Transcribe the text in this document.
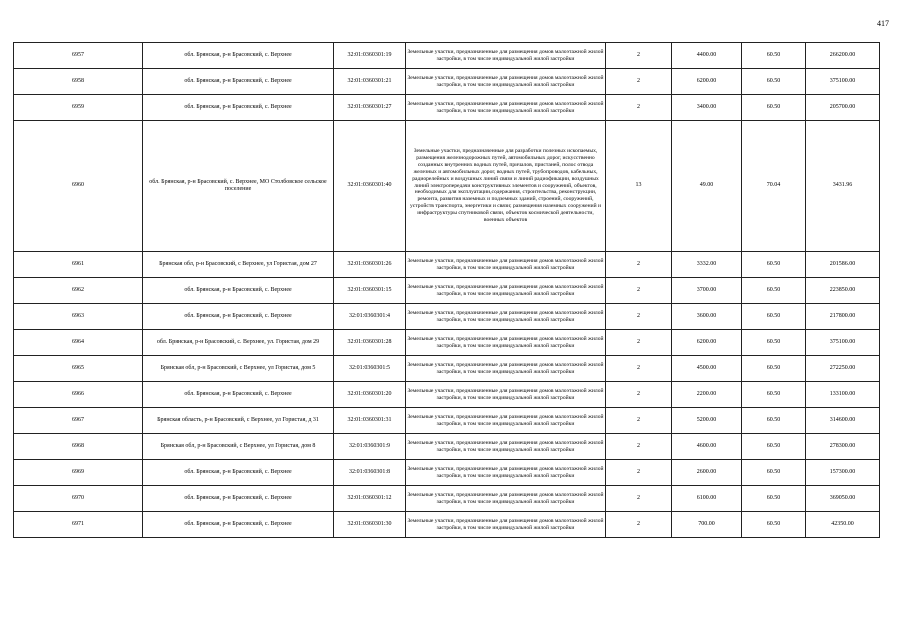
417
6957	обл. Брянская, р-н Брасовский, с. Верхнее	32:01:0360301:19	Земельные участки, предназначенные для размещения домов малоэтажной жилой застройки, в том числе индивидуальной жилой застройки	2	4400.00	60.50	266200.00
6958	обл. Брянская, р-н Брасовский, с. Верхнее	32:01:0360301:21	Земельные участки, предназначенные для размещения домов малоэтажной жилой застройки, в том числе индивидуальной жилой застройки	2	6200.00	60.50	375100.00
6959	обл. Брянская, р-н Брасовский, с. Верхнее	32:01:0360301:27	Земельные участки, предназначенные для размещения домов малоэтажной жилой застройки, в том числе индивидуальной жилой застройки	2	3400.00	60.50	205700.00
6960	обл. Брянская, р-н Брасовский, с. Верхнее, МО Столбовское сельское поселение	32:01:0360301:40	Земельные участки, предназначенные для разработки полезных ископаемых, размещения железнодорожных путей, автомобильных дорог, искусственно созданных внутренних водных путей, причалов, пристаней, полос отвода железных и автомобильных дорог, водных путей, трубопроводов, кабельных, радиорелейных и воздушных линий связи и линий радиофикации, воздушных линий электропередачи конструктивных элементов и сооружений, объектов, необходимых для эксплуатации,содержания, строительства, реконструкции, ремонта, развития наземных и подземных зданий, строений, сооружений, устройств транспорта, энергетики и связи; размещения наземных сооружений и инфраструктуры спутниковой связи, объектов космической деятельности, военных объектов	13	49.00	70.04	3431.96
6961	Брянская обл, р-н Брасовский, с Верхнее, ул Гористая, дом 27	32:01:0360301:26	Земельные участки, предназначенные для размещения домов малоэтажной жилой застройки, в том числе индивидуальной жилой застройки	2	3332.00	60.50	201586.00
6962	обл. Брянская, р-н Брасовский, с. Верхнее	32:01:0360301:15	Земельные участки, предназначенные для размещения домов малоэтажной жилой застройки, в том числе индивидуальной жилой застройки	2	3700.00	60.50	223850.00
6963	обл. Брянская, р-н Брасовский, с. Верхнее	32:01:0360301:4	Земельные участки, предназначенные для размещения домов малоэтажной жилой застройки, в том числе индивидуальной жилой застройки	2	3600.00	60.50	217800.00
6964	обл. Брянская, р-н Брасовский, с. Верхнее, ул. Гористая, дом 29	32:01:0360301:28	Земельные участки, предназначенные для размещения домов малоэтажной жилой застройки, в том числе индивидуальной жилой застройки	2	6200.00	60.50	375100.00
6965	Брянская обл, р-н Брасовский, с Верхнее, ул Гористая, дом 5	32:01:0360301:5	Земельные участки, предназначенные для размещения домов малоэтажной жилой застройки, в том числе индивидуальной жилой застройки	2	4500.00	60.50	272250.00
6966	обл. Брянская, р-н Брасовский, с. Верхнее	32:01:0360301:20	Земельные участки, предназначенные для размещения домов малоэтажной жилой застройки, в том числе индивидуальной жилой застройки	2	2200.00	60.50	133100.00
6967	Брянская область, р-н Брасовский, с Верхнее, ул Гористая, д 31	32:01:0360301:31	Земельные участки, предназначенные для размещения домов малоэтажной жилой застройки, в том числе индивидуальной жилой застройки	2	5200.00	60.50	314600.00
6968	Брянская обл, р-н Брасовский, с Верхнее, ул Гористая, дом 8	32:01:0360301:9	Земельные участки, предназначенные для размещения домов малоэтажной жилой застройки, в том числе индивидуальной жилой застройки	2	4600.00	60.50	278300.00
6969	обл. Брянская, р-н Брасовский, с. Верхнее	32:01:0360301:8	Земельные участки, предназначенные для размещения домов малоэтажной жилой застройки, в том числе индивидуальной жилой застройки	2	2600.00	60.50	157300.00
6970	обл. Брянская, р-н Брасовский, с. Верхнее	32:01:0360301:12	Земельные участки, предназначенные для размещения домов малоэтажной жилой застройки, в том числе индивидуальной жилой застройки	2	6100.00	60.50	369050.00
6971	обл. Брянская, р-н Брасовский, с. Верхнее	32:01:0360301:30	Земельные участки, предназначенные для размещения домов малоэтажной жилой застройки, в том числе индивидуальной жилой застройки	2	700.00	60.50	42350.00
